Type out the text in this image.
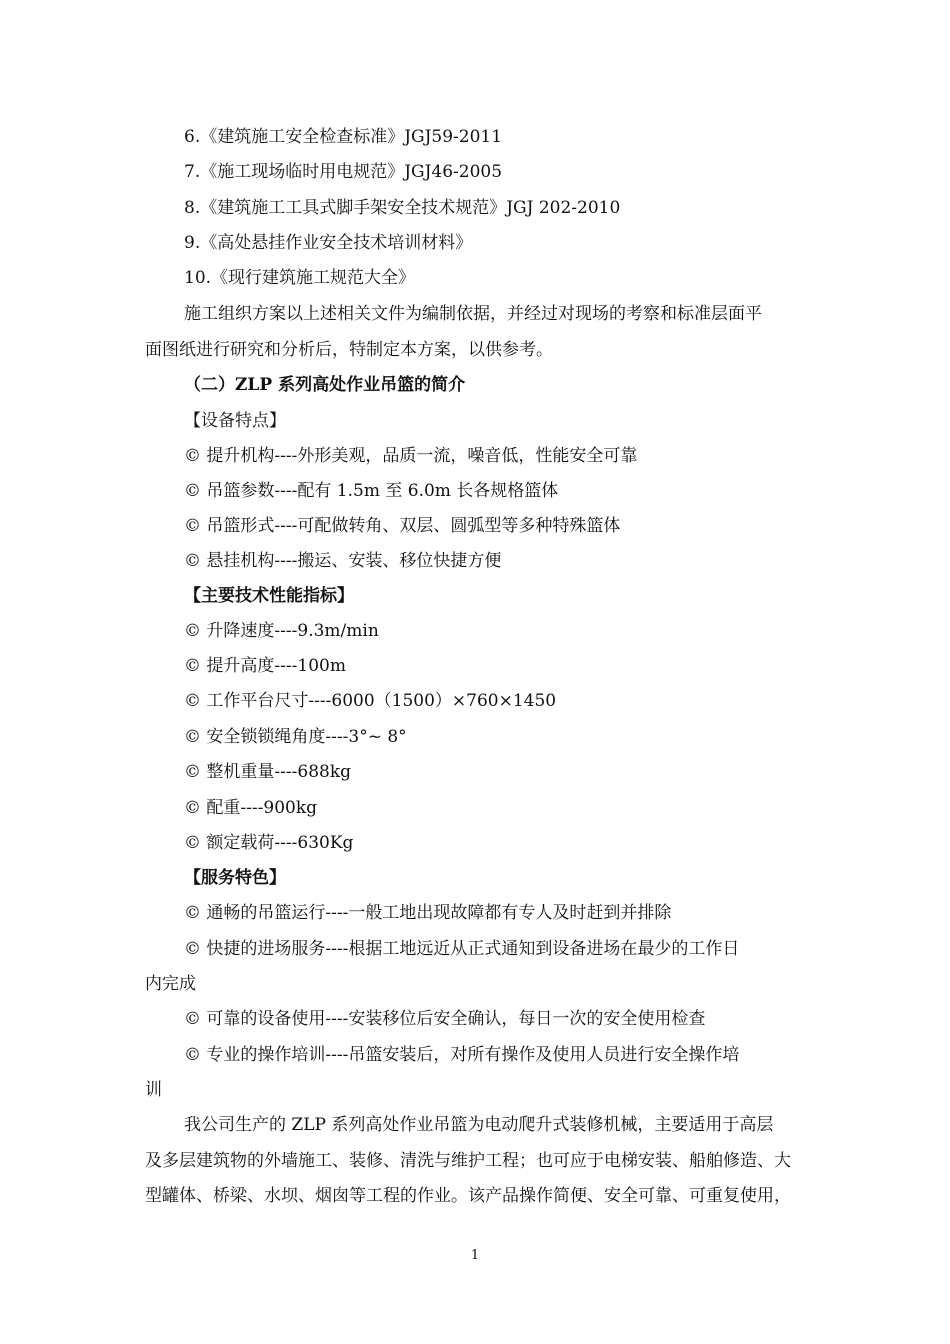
6.《建筑施工安全检查标准》JGJ59-2011
7.《施工现场临时用电规范》JGJ46-2005
8.《建筑施工工具式脚手架安全技术规范》JGJ 202-2010
9.《高处悬挂作业安全技术培训材料》
10.《现行建筑施工规范大全》
施工组织方案以上述相关文件为编制依据，并经过对现场的考察和标准层面平
面图纸进行研究和分析后，特制定本方案，以供参考。
（二）ZLP 系列高处作业吊篮的简介
【设备特点】
© 提升机构----外形美观，品质一流，噪音低，性能安全可靠
© 吊篮参数----配有 1.5m 至 6.0m 长各规格篮体
© 吊篮形式----可配做转角、双层、圆弧型等多种特殊篮体
© 悬挂机构----搬运、安装、移位快捷方便
【主要技术性能指标】
© 升降速度----9.3m/min
© 提升高度----100m
© 工作平台尺寸----6000（1500）×760×1450
© 安全锁锁绳角度----3°~ 8°
© 整机重量----688kg
© 配重----900kg
© 额定载荷----630Kg
【服务特色】
© 通畅的吊篮运行----一般工地出现故障都有专人及时赶到并排除
© 快捷的进场服务----根据工地远近从正式通知到设备进场在最少的工作日
内完成
© 可靠的设备使用----安装移位后安全确认，每日一次的安全使用检查
© 专业的操作培训----吊篮安装后，对所有操作及使用人员进行安全操作培
训
我公司生产的 ZLP 系列高处作业吊篮为电动爬升式装修机械，主要适用于高层
及多层建筑物的外墙施工、装修、清洗与维护工程；也可应于电梯安装、船舶修造、大
型罐体、桥梁、水坝、烟囱等工程的作业。该产品操作简便、安全可靠、可重复使用，
1
